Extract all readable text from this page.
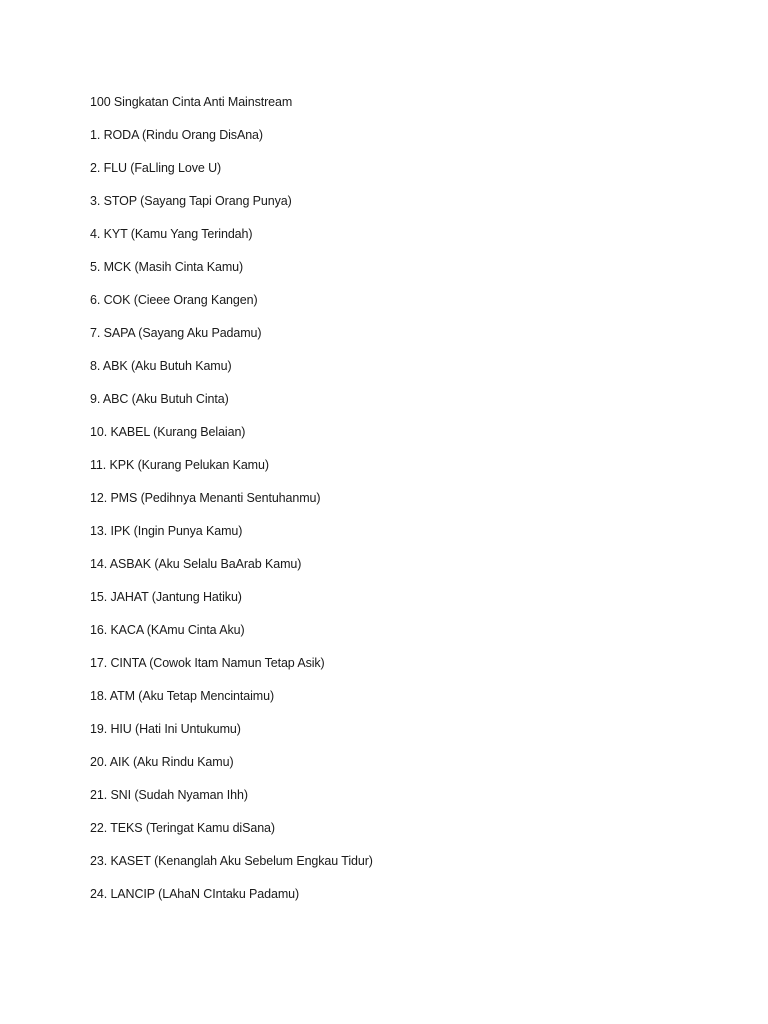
100 Singkatan Cinta Anti Mainstream
1. RODA (Rindu Orang DisAna)
2. FLU (FaLling Love U)
3. STOP (Sayang Tapi Orang Punya)
4. KYT (Kamu Yang Terindah)
5. MCK (Masih Cinta Kamu)
6. COK (Cieee Orang Kangen)
7. SAPA (Sayang Aku Padamu)
8. ABK (Aku Butuh Kamu)
9. ABC (Aku Butuh Cinta)
10. KABEL (Kurang Belaian)
11. KPK (Kurang Pelukan Kamu)
12. PMS (Pedihnya Menanti Sentuhanmu)
13. IPK (Ingin Punya Kamu)
14. ASBAK (Aku Selalu BaArab Kamu)
15. JAHAT (Jantung Hatiku)
16. KACA (KAmu Cinta Aku)
17. CINTA (Cowok Itam Namun Tetap Asik)
18. ATM (Aku Tetap Mencintaimu)
19. HIU (Hati Ini Untukumu)
20. AIK (Aku Rindu Kamu)
21. SNI (Sudah Nyaman Ihh)
22. TEKS (Teringat Kamu diSana)
23. KASET (Kenanglah Aku Sebelum Engkau Tidur)
24. LANCIP (LAhaN CIntaku Padamu)
